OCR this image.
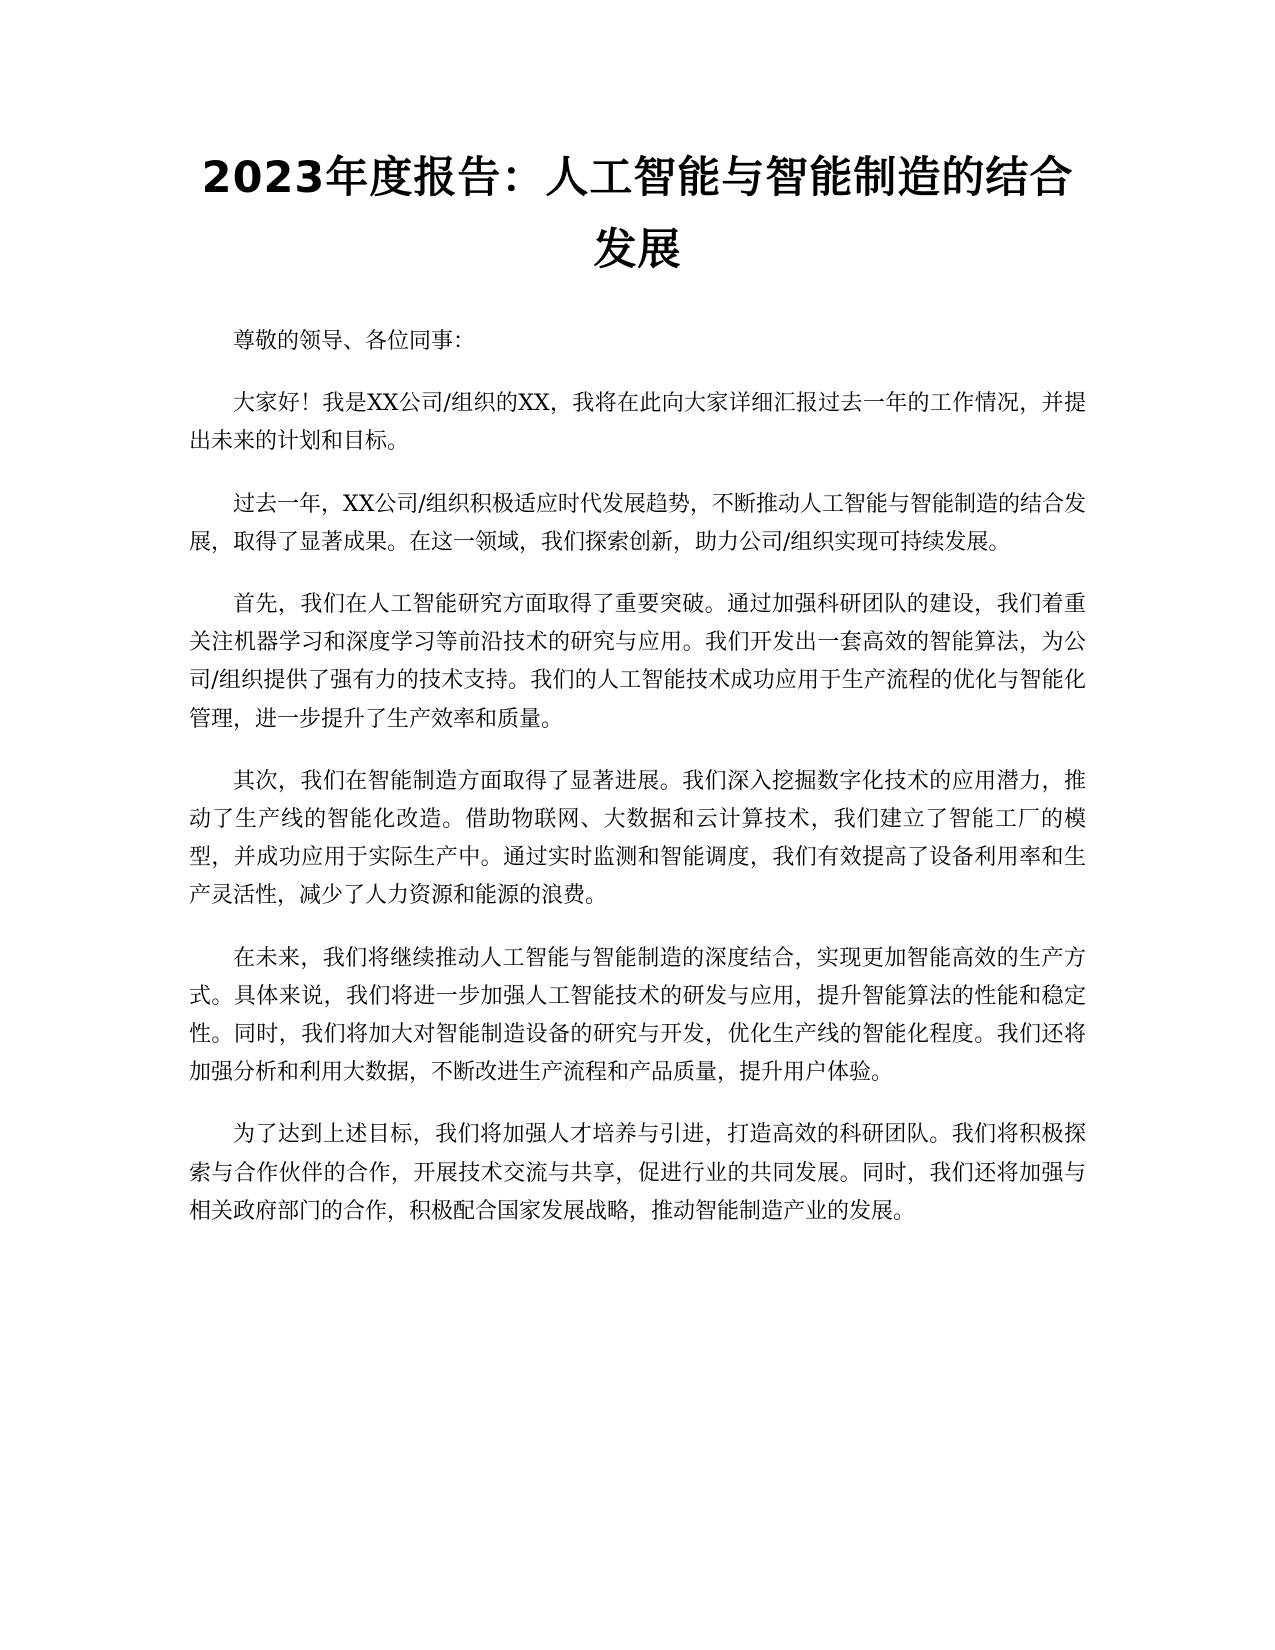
2023年度报告：人工智能与智能制造的结合发展

尊敬的领导、各位同事：

大家好！我是XX公司/组织的XX，我将在此向大家详细汇报过去一年的工作情况，并提出未来的计划和目标。

过去一年，XX公司/组织积极适应时代发展趋势，不断推动人工智能与智能制造的结合发展，取得了显著成果。在这一领域，我们探索创新，助力公司/组织实现可持续发展。

首先，我们在人工智能研究方面取得了重要突破。通过加强科研团队的建设，我们着重关注机器学习和深度学习等前沿技术的研究与应用。我们开发出一套高效的智能算法，为公司/组织提供了强有力的技术支持。我们的人工智能技术成功应用于生产流程的优化与智能化管理，进一步提升了生产效率和质量。

其次，我们在智能制造方面取得了显著进展。我们深入挖掘数字化技术的应用潜力，推动了生产线的智能化改造。借助物联网、大数据和云计算技术，我们建立了智能工厂的模型，并成功应用于实际生产中。通过实时监测和智能调度，我们有效提高了设备利用率和生产灵活性，减少了人力资源和能源的浪费。

在未来，我们将继续推动人工智能与智能制造的深度结合，实现更加智能高效的生产方式。具体来说，我们将进一步加强人工智能技术的研发与应用，提升智能算法的性能和稳定性。同时，我们将加大对智能制造设备的研究与开发，优化生产线的智能化程度。我们还将加强分析和利用大数据，不断改进生产流程和产品质量，提升用户体验。

为了达到上述目标，我们将加强人才培养与引进，打造高效的科研团队。我们将积极探索与合作伙伴的合作，开展技术交流与共享，促进行业的共同发展。同时，我们还将加强与相关政府部门的合作，积极配合国家发展战略，推动智能制造产业的发展。
